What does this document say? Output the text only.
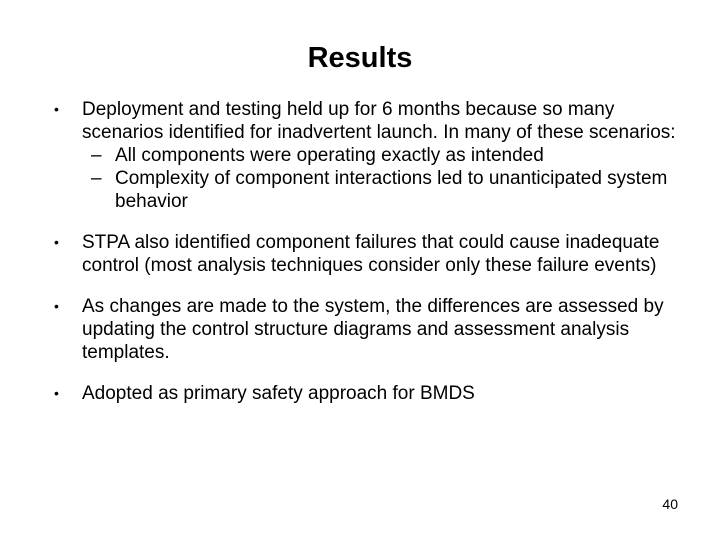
Results
•	Deployment and testing held up for 6 months because so many scenarios identified for inadvertent launch. In many of these scenarios:
– All components were operating exactly as intended
– Complexity of component interactions led to unanticipated system behavior
•	STPA also identified component failures that could cause inadequate control (most analysis techniques consider only these failure events)
•	As changes are made to the system, the differences are assessed by updating the control structure diagrams and assessment analysis templates.
•	Adopted as primary safety approach for BMDS
40
